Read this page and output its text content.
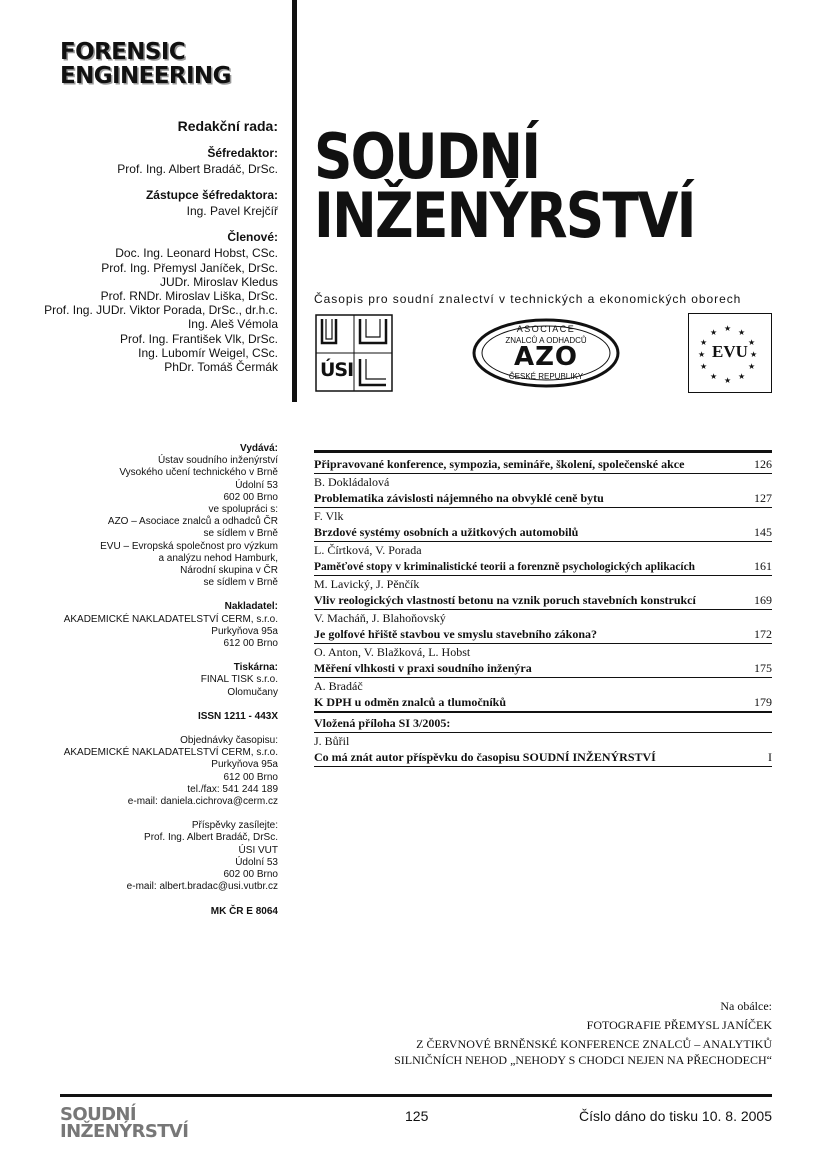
FORENSIC
ENGINEERING
Redakční rada:
Šéfredaktor:
Prof. Ing. Albert Bradáč, DrSc.
Zástupce šéfredaktora:
Ing. Pavel Krejčíř
Členové:
Doc. Ing. Leonard Hobst, CSc.
Prof. Ing. Přemysl Janíček, DrSc.
JUDr. Miroslav Kledus
Prof. RNDr. Miroslav Liška, DrSc.
Prof. Ing. JUDr. Viktor Porada, DrSc., dr.h.c.
Ing. Aleš Vémola
Prof. Ing. František Vlk, DrSc.
Ing. Lubomír Weigel, CSc.
PhDr. Tomáš Čermák
SOUDNÍ
INŽENÝRSTVÍ
Časopis pro soudní znalectví v technických a ekonomických oborech
ÚSI
ASOCIACE
ZNALCŮ A ODHADCŮ
AZO
ČESKÉ REPUBLIKY
★ ★
★
★
★
★
★
★
★
★
★
★
EVU
Vydává:
Ústav soudního inženýrství
Vysokého učení technického v Brně
Údolní 53
602 00 Brno
ve spolupráci s:
AZO – Asociace znalců a odhadců ČR
se sídlem v Brně
EVU – Evropská společnost pro výzkum
a analýzu nehod Hamburk,
Národní skupina v ČR
se sídlem v Brně
Nakladatel:
AKADEMICKÉ NAKLADATELSTVÍ CERM, s.r.o.
Purkyňova 95a
612 00 Brno
Tiskárna:
FINAL TISK s.r.o.
Olomučany
ISSN 1211 - 443X
Objednávky časopisu:
AKADEMICKÉ NAKLADATELSTVÍ CERM, s.r.o.
Purkyňova 95a
612 00 Brno
tel./fax: 541 244 189
e-mail: daniela.cichrova@cerm.cz
Příspěvky zasílejte:
Prof. Ing. Albert Bradáč, DrSc.
ÚSI VUT
Údolní 53
602 00 Brno
e-mail: albert.bradac@usi.vutbr.cz
MK ČR E 8064
Připravované konference, sympozia, semináře, školení, společenské akce	126
B. Dokládalová
Problematika závislosti nájemného na obvyklé ceně bytu	127
F. Vlk
Brzdové systémy osobních a užitkových automobilů	145
L. Čírtková, V. Porada
Paměťové stopy v kriminalistické teorii a forenzně psychologických aplikacích	161
M. Lavický, J. Pěnčík
Vliv reologických vlastností betonu na vznik poruch stavebních konstrukcí	169
V. Macháň, J. Blahoňovský
Je golfové hřiště stavbou ve smyslu stavebního zákona?	172
O. Anton, V. Blažková, L. Hobst
Měření vlhkosti v praxi soudního inženýra	175
A. Bradáč
K DPH u odměn znalců a tlumočníků	179
Vložená příloha SI 3/2005:
J. Bůřil
Co má znát autor příspěvku do časopisu SOUDNÍ INŽENÝRSTVÍ	I
Na obálce:
FOTOGRAFIE PŘEMYSL JANÍČEK
Z ČERVNOVÉ BRNĚNSKÉ KONFERENCE ZNALCŮ – ANALYTIKŮ
SILNIČNÍCH NEHOD „NEHODY S CHODCI NEJEN NA PŘECHODECH“
SOUDNÍ
INŽENÝRSTVÍ
125	Číslo dáno do tisku 10. 8. 2005
